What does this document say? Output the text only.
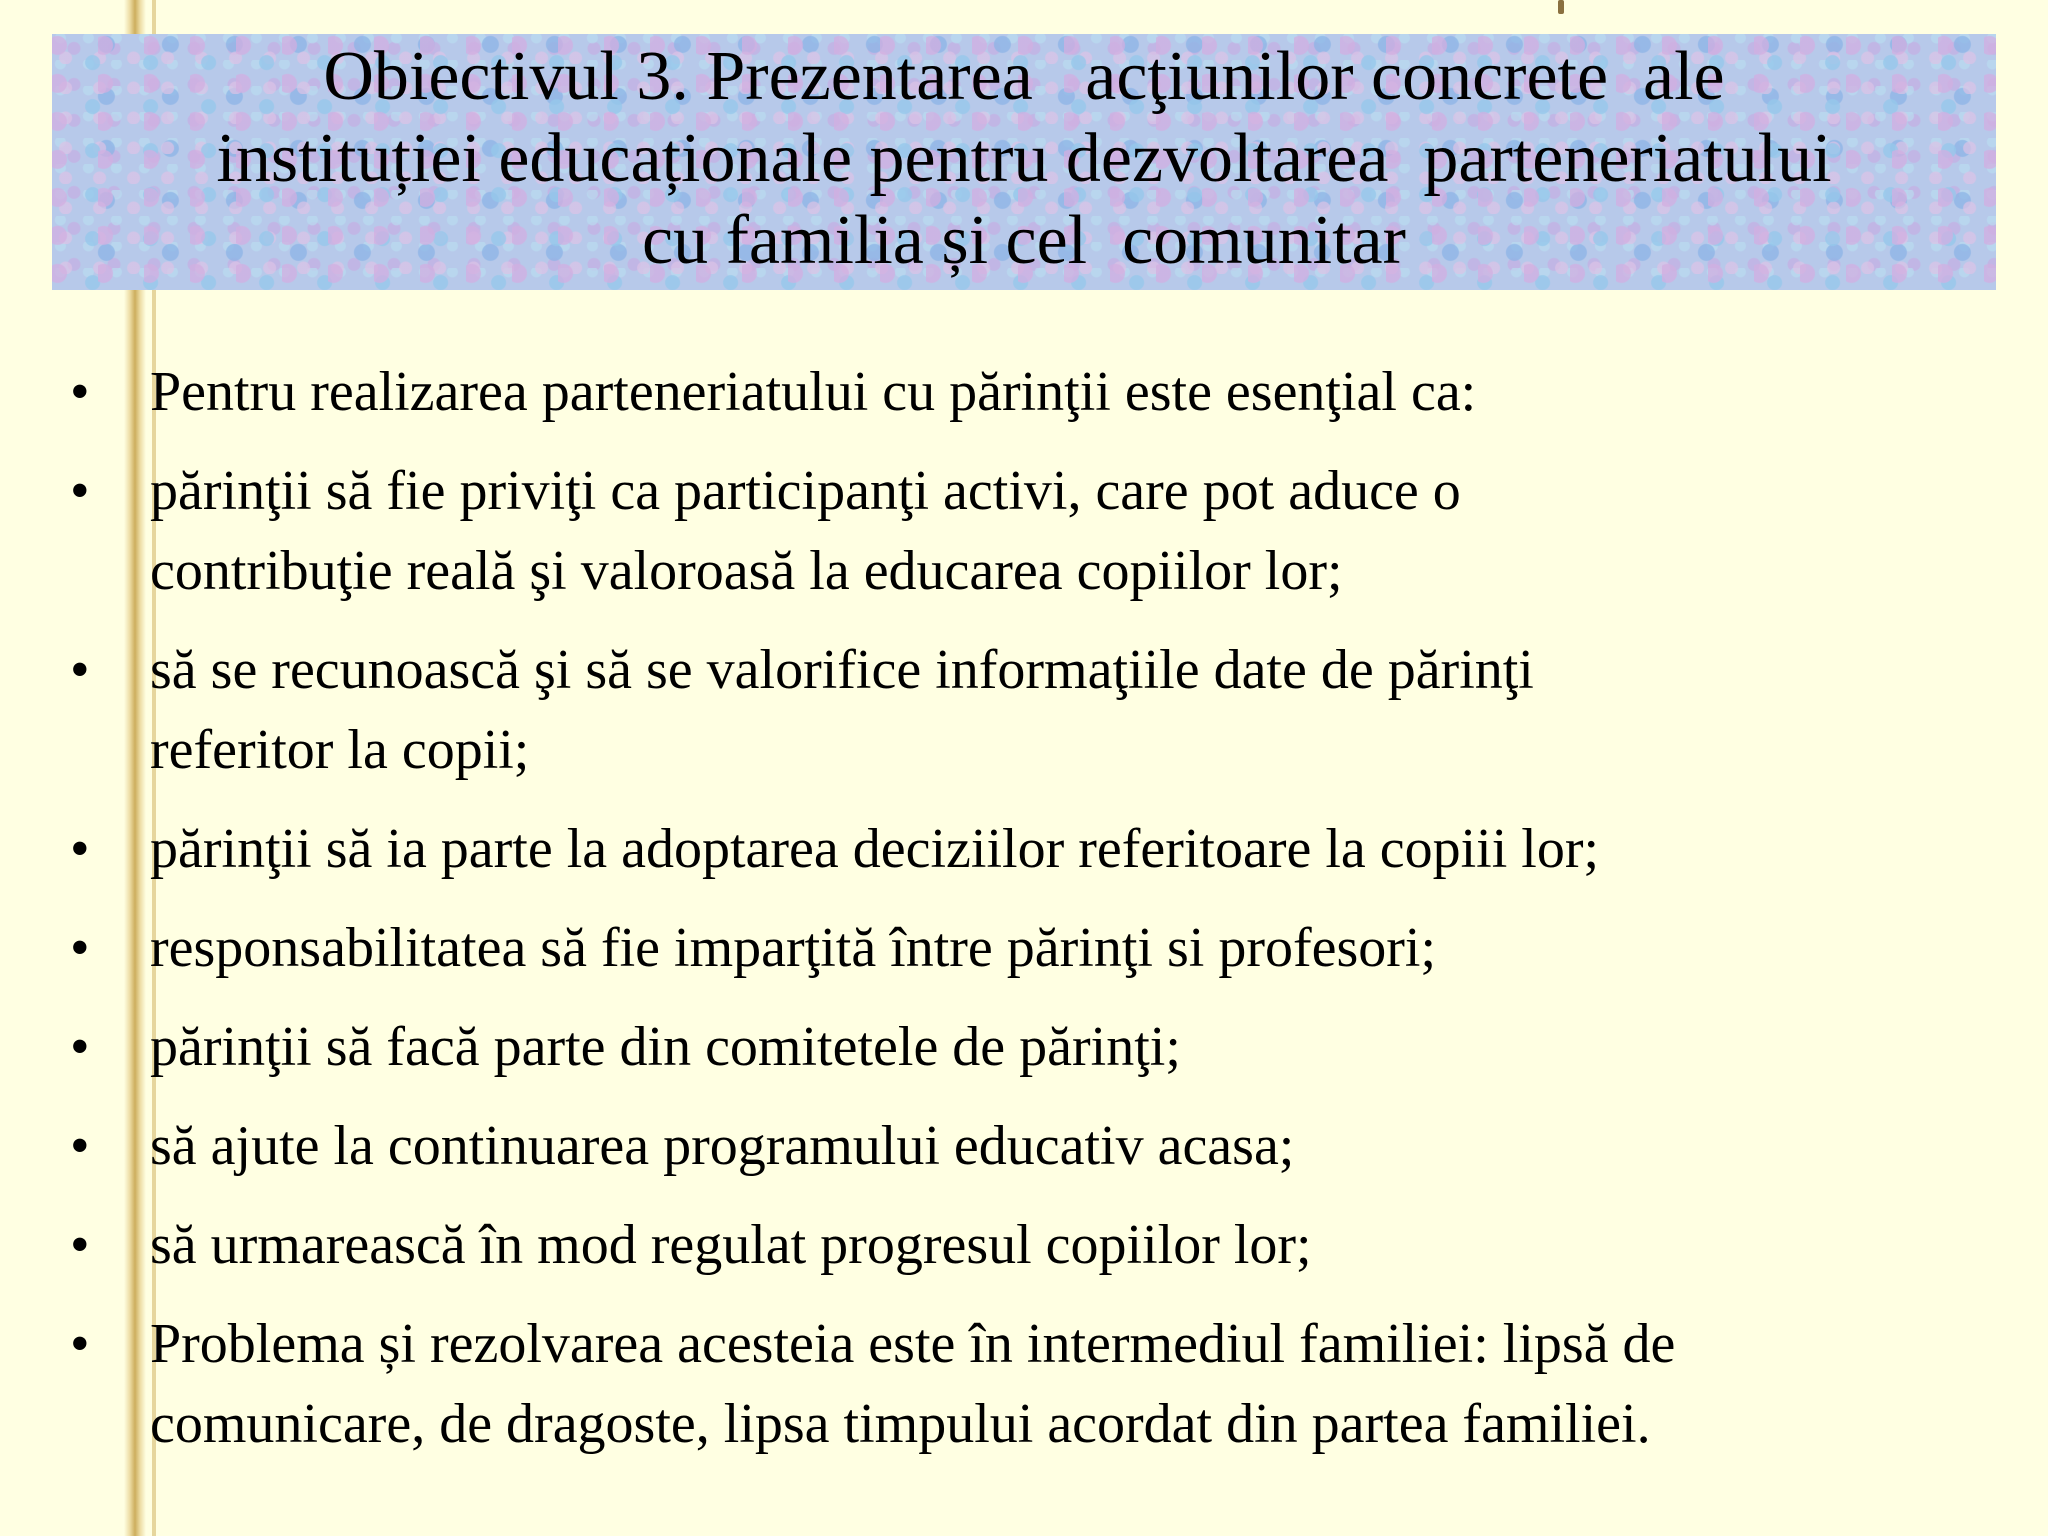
Obiectivul 3. Prezentarea   acţiunilor concrete  ale
instituției educaționale pentru dezvoltarea  parteneriatului
cu familia și cel  comunitar
• Pentru realizarea parteneriatului cu părinţii este esenţial ca:
• părinţii să fie priviţi ca participanţi activi, care pot aduce o
contribuţie reală şi valoroasă la educarea copiilor lor;
• să se recunoască şi să se valorifice informaţiile date de părinţi
referitor la copii;
• părinţii să ia parte la adoptarea deciziilor referitoare la copiii lor;
• responsabilitatea să fie imparţită între părinţi si profesori;
• părinţii să facă parte din comitetele de părinţi;
• să ajute la continuarea programului educativ acasa;
• să urmarească în mod regulat progresul copiilor lor;
• Problema și rezolvarea acesteia este în intermediul familiei: lipsă de
comunicare, de dragoste, lipsa timpului acordat din partea familiei.
